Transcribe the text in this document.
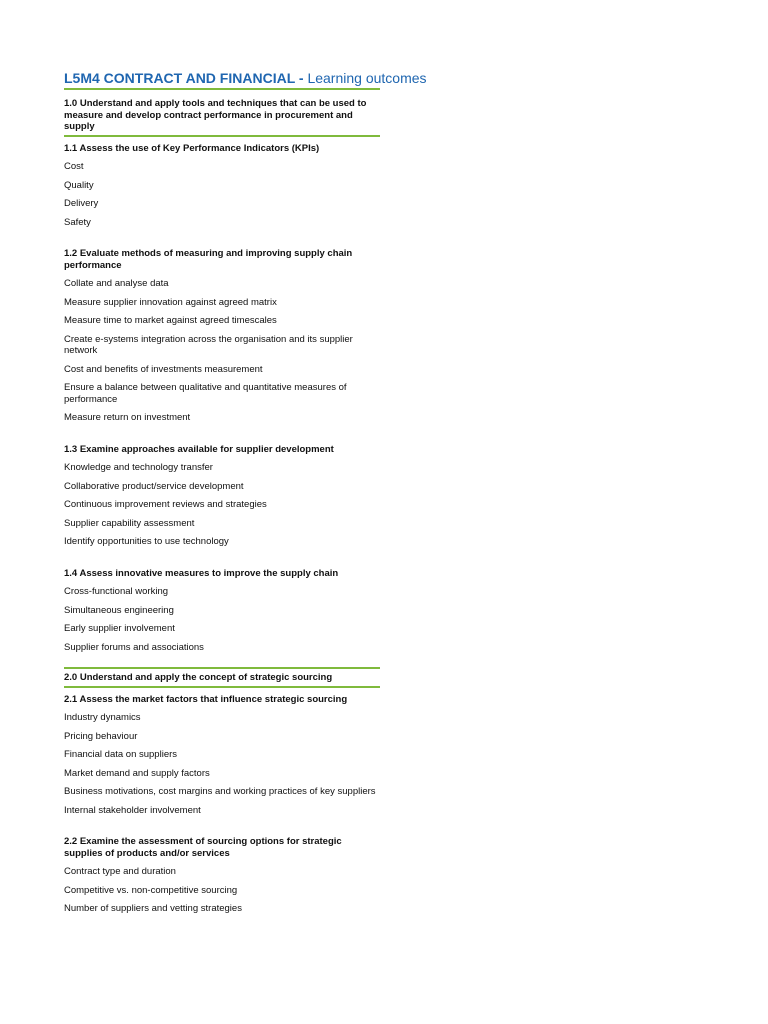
L5M4 CONTRACT AND FINANCIAL - Learning outcomes
1.0 Understand and apply tools and techniques that can be used to measure and develop contract performance in procurement and supply
1.1 Assess the use of Key Performance Indicators (KPIs)
Cost
Quality
Delivery
Safety
1.2 Evaluate methods of measuring and improving supply chain performance
Collate and analyse data
Measure supplier innovation against agreed matrix
Measure time to market against agreed timescales
Create e-systems integration across the organisation and its supplier network
Cost and benefits of investments measurement
Ensure a balance between qualitative and quantitative measures of performance
Measure return on investment
1.3 Examine approaches available for supplier development
Knowledge and technology transfer
Collaborative product/service development
Continuous improvement reviews and strategies
Supplier capability assessment
Identify opportunities to use technology
1.4 Assess innovative measures to improve the supply chain
Cross-functional working
Simultaneous engineering
Early supplier involvement
Supplier forums and associations
2.0 Understand and apply the concept of strategic sourcing
2.1 Assess the market factors that influence strategic sourcing
Industry dynamics
Pricing behaviour
Financial data on suppliers
Market demand and supply factors
Business motivations, cost margins and working practices of key suppliers
Internal stakeholder involvement
2.2 Examine the assessment of sourcing options for strategic supplies of products and/or services
Contract type and duration
Competitive vs. non-competitive sourcing
Number of suppliers and vetting strategies
